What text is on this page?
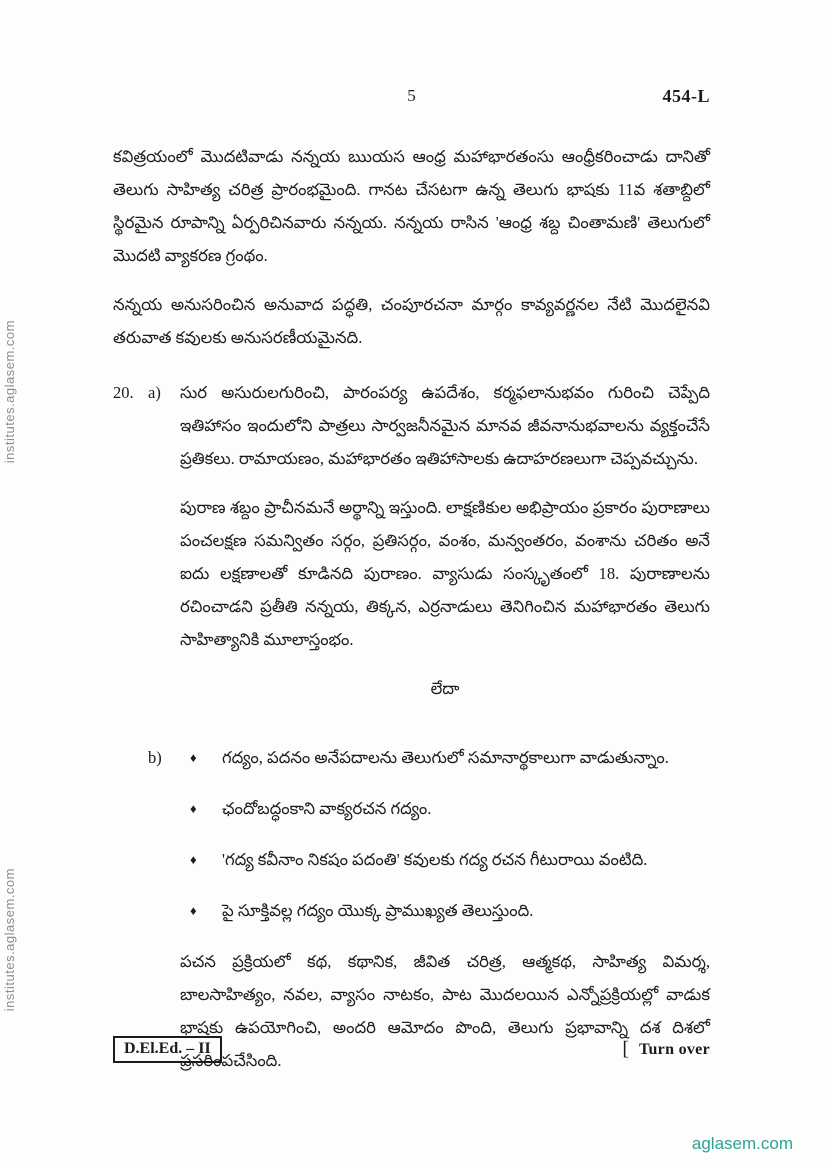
institutes.aglasem.com
institutes.aglasem.com
5	454-L

కవిత్రయంలో మొదటివాడు నన్నయ ఋయస ఆంధ్ర మహాభారతంసు ఆంధ్రీకరించాడు దానితో తెలుగు సాహిత్య చరిత్ర ప్రారంభమైంది. గానట చేసటగా ఉన్న తెలుగు భాషకు 11వ శతాబ్దిలో స్థిరమైన రూపాన్ని ఏర్పరిచినవారు నన్నయ. నన్నయ రాసిన 'ఆంధ్ర శబ్ద చింతామణి' తెలుగులో మొదటి వ్యాకరణ గ్రంథం.

నన్నయ అనుసరించిన అనువాద పద్ధతి, చంపూరచనా మార్గం కావ్యవర్ణనల నేటి మొదలైనవి తరువాత కవులకు అనుసరణీయమైనది.

20. a)	సుర అసురులగురించి, పారంపర్య ఉపదేశం, కర్మఫలానుభవం గురించి చెప్పేది ఇతిహాసం ఇందులోని పాత్రలు సార్వజనీనమైన మానవ జీవనానుభవాలను వ్యక్తంచేసే ప్రతికలు. రామాయణం, మహాభారతం ఇతిహాసాలకు ఉదాహరణలుగా చెప్పవచ్చును.

పురాణ శబ్దం ప్రాచీనమనే అర్థాన్ని ఇస్తుంది. లాక్షణికుల అభిప్రాయం ప్రకారం పురాణాలు పంచలక్షణ సమన్వితం సర్గం, ప్రతిసర్గం, వంశం, మన్వంతరం, వంశాను చరితం అనే ఐదు లక్షణాలతో కూడినది పురాణం. వ్యాసుడు సంస్కృతంలో 18. పురాణాలను రచించాడని ప్రతీతి నన్నయ, తిక్కన, ఎర్రనాడులు తెనిగించిన మహాభారతం తెలుగు సాహిత్యానికి మూలాస్తంభం.

లేదా

b)	♦	గద్యం, పదనం అనేపదాలను తెలుగులో సమానార్థకాలుగా వాడుతున్నాం.
♦	ఛందోబద్ధంకాని వాక్యరచన గద్యం.
♦	'గద్య కవీనాం నికషం పదంతి' కవులకు గద్య రచన గీటురాయి వంటిది.
♦	పై సూక్తివల్ల గద్యం యొక్క ప్రాముఖ్యత తెలుస్తుంది.

పచన ప్రక్రియలో కథ, కథానిక, జీవిత చరిత్ర, ఆత్మకథ, సాహిత్య విమర్శ, బాలసాహిత్యం, నవల, వ్యాసం నాటకం, పాట మొదలయిన ఎన్నోప్రక్రియల్లో వాడుక భాషకు ఉపయోగించి, అందరి ఆమోదం పొంది, తెలుగు ప్రభావాన్ని దశ దిశలో ప్రసరింపచేసింది.

D.El.Ed. – II	[ Turn over
aglasem.com
